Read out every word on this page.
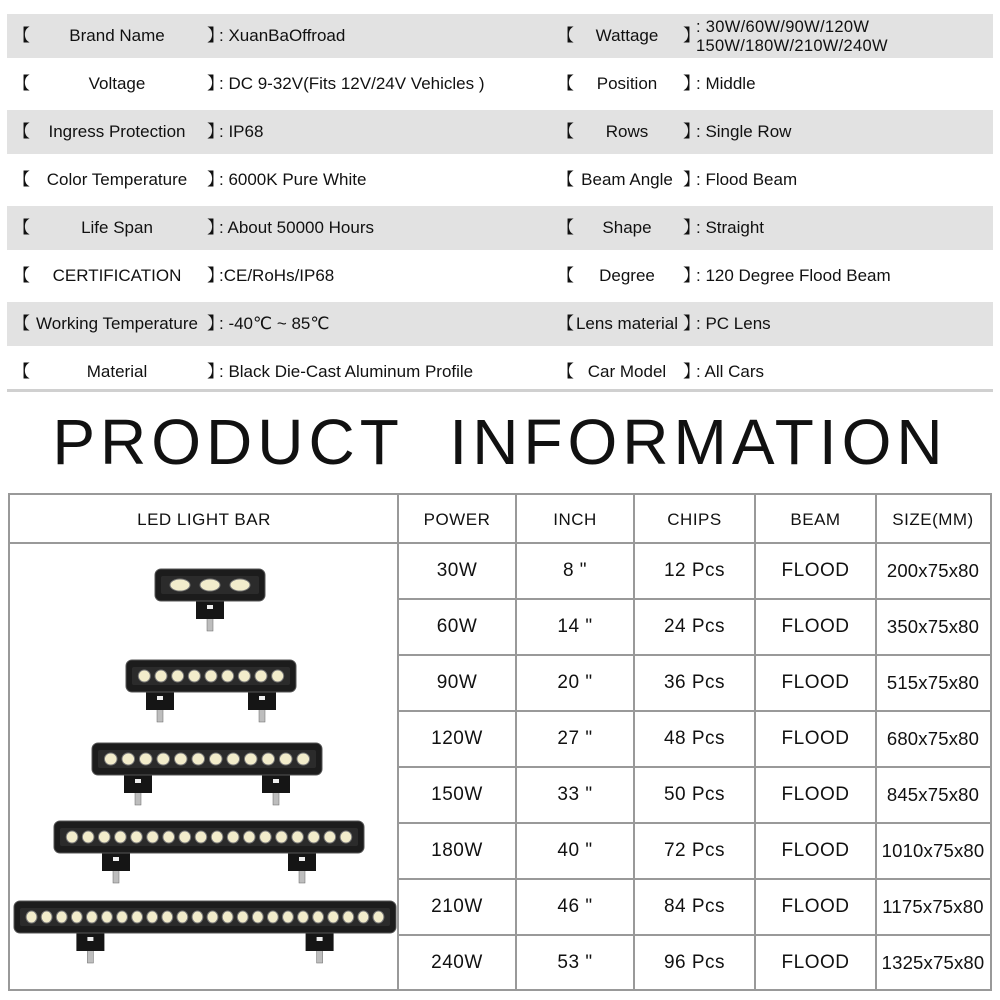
【	Brand Name	】
: XuanBaOffroad	【	Wattage	】
: 30W/60W/90W/120W
150W/180W/210W/240W
【	Voltage	】
: DC 9-32V(Fits 12V/24V Vehicles )	【	Position	】
: Middle
【	Ingress Protection	】
: IP68	【	Rows	】
: Single Row
【 Color Temperature	】
: 6000K Pure White	【 Beam Angle 】
: Flood Beam
【	Life Span	】
: About 50000 Hours	【	Shape	】
: Straight
【	CERTIFICATION	】
:CE/RoHs/IP68	【	Degree	】
: 120 Degree Flood Beam
【 Working Temperature 】
: -40℃ ~ 85℃	【 Lens material 】
: PC Lens
【	Material	】
: Black Die-Cast Aluminum Profile	【 Car Model 】
: All Cars
PRODUCT INFORMATION
LED LIGHT BAR	POWER	INCH	CHIPS	BEAM	SIZE(MM)
30W	8 "	12 Pcs	FLOOD	200x75x80
60W	14 "	24 Pcs	FLOOD	350x75x80
90W	20 "	36 Pcs	FLOOD	515x75x80
120W	27 "	48 Pcs	FLOOD	680x75x80
150W	33 "	50 Pcs	FLOOD	845x75x80
180W	40 "	72 Pcs	FLOOD	1010x75x80
210W	46 "	84 Pcs	FLOOD	1175x75x80
240W	53 "	96 Pcs	FLOOD	1325x75x80
